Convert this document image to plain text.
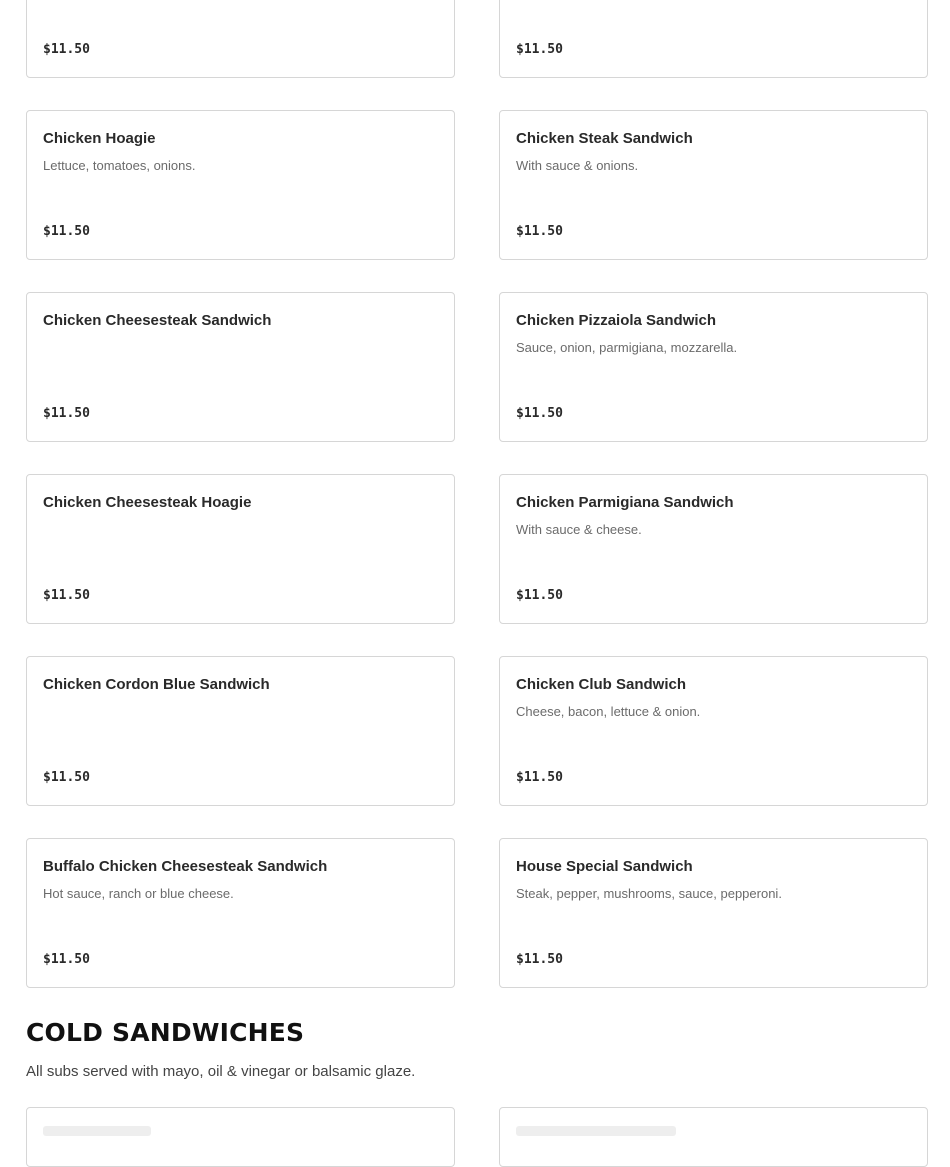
$11.50	$11.50
Chicken Hoagie
Lettuce, tomatoes, onions.
$11.50
Chicken Steak Sandwich
With sauce & onions.
$11.50
Chicken Cheesesteak Sandwich
$11.50
Chicken Pizzaiola Sandwich
Sauce, onion, parmigiana, mozzarella.
$11.50
Chicken Cheesesteak Hoagie
$11.50
Chicken Parmigiana Sandwich
With sauce & cheese.
$11.50
Chicken Cordon Blue Sandwich
$11.50
Chicken Club Sandwich
Cheese, bacon, lettuce & onion.
$11.50
Buffalo Chicken Cheesesteak Sandwich
Hot sauce, ranch or blue cheese.
$11.50
House Special Sandwich
Steak, pepper, mushrooms, sauce, pepperoni.
$11.50
COLD SANDWICHES

All subs served with mayo, oil & vinegar or balsamic glaze.
